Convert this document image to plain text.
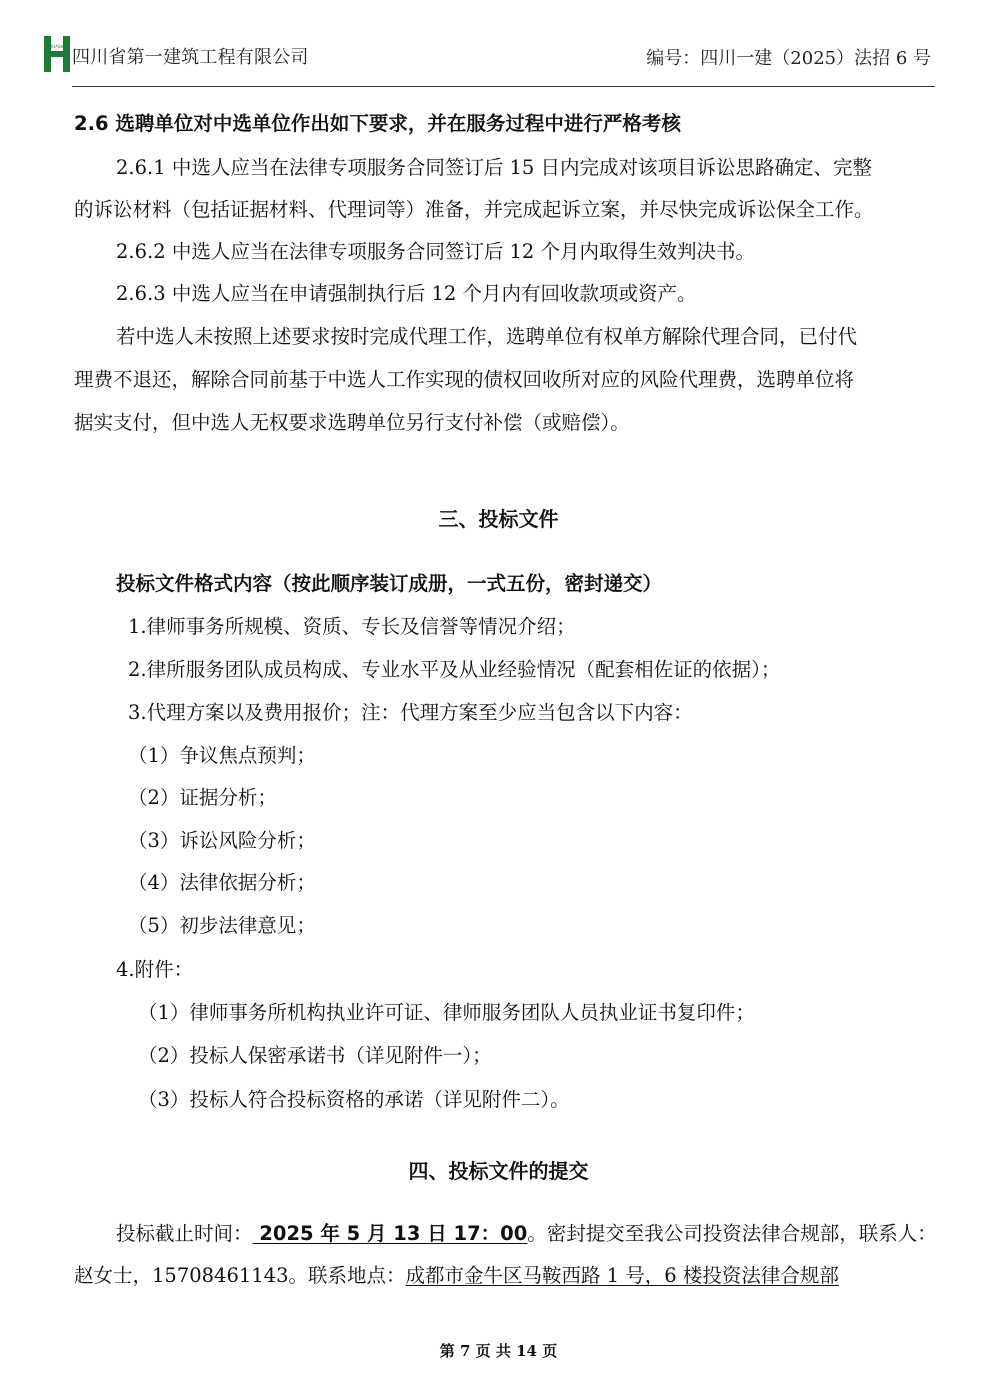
HUASHI
四川省第一建筑工程有限公司	编号：四川一建（2025）法招 6 号
2.6 选聘单位对中选单位作出如下要求，并在服务过程中进行严格考核
2.6.1 中选人应当在法律专项服务合同签订后 15 日内完成对该项目诉讼思路确定、完整
的诉讼材料（包括证据材料、代理词等）准备，并完成起诉立案，并尽快完成诉讼保全工作。
2.6.2 中选人应当在法律专项服务合同签订后 12 个月内取得生效判决书。
2.6.3 中选人应当在申请强制执行后 12 个月内有回收款项或资产。
若中选人未按照上述要求按时完成代理工作，选聘单位有权单方解除代理合同，已付代
理费不退还，解除合同前基于中选人工作实现的债权回收所对应的风险代理费，选聘单位将
据实支付，但中选人无权要求选聘单位另行支付补偿（或赔偿）。
三、投标文件
投标文件格式内容（按此顺序装订成册，一式五份，密封递交）
1.律师事务所规模、资质、专长及信誉等情况介绍；
2.律所服务团队成员构成、专业水平及从业经验情况（配套相佐证的依据）；
3.代理方案以及费用报价；注：代理方案至少应当包含以下内容：
（1）争议焦点预判；
（2）证据分析；
（3）诉讼风险分析；
（4）法律依据分析；
（5）初步法律意见；
4.附件：
（1）律师事务所机构执业许可证、律师服务团队人员执业证书复印件；
（2）投标人保密承诺书（详见附件一）；
（3）投标人符合投标资格的承诺（详见附件二）。
四、投标文件的提交
投标截止时间： 2025 年 5 月 13 日 17：00。密封提交至我公司投资法律合规部，联系人：
赵女士，15708461143。联系地点：成都市金牛区马鞍西路 1 号，6 楼投资法律合规部
第 7 页 共 14 页
